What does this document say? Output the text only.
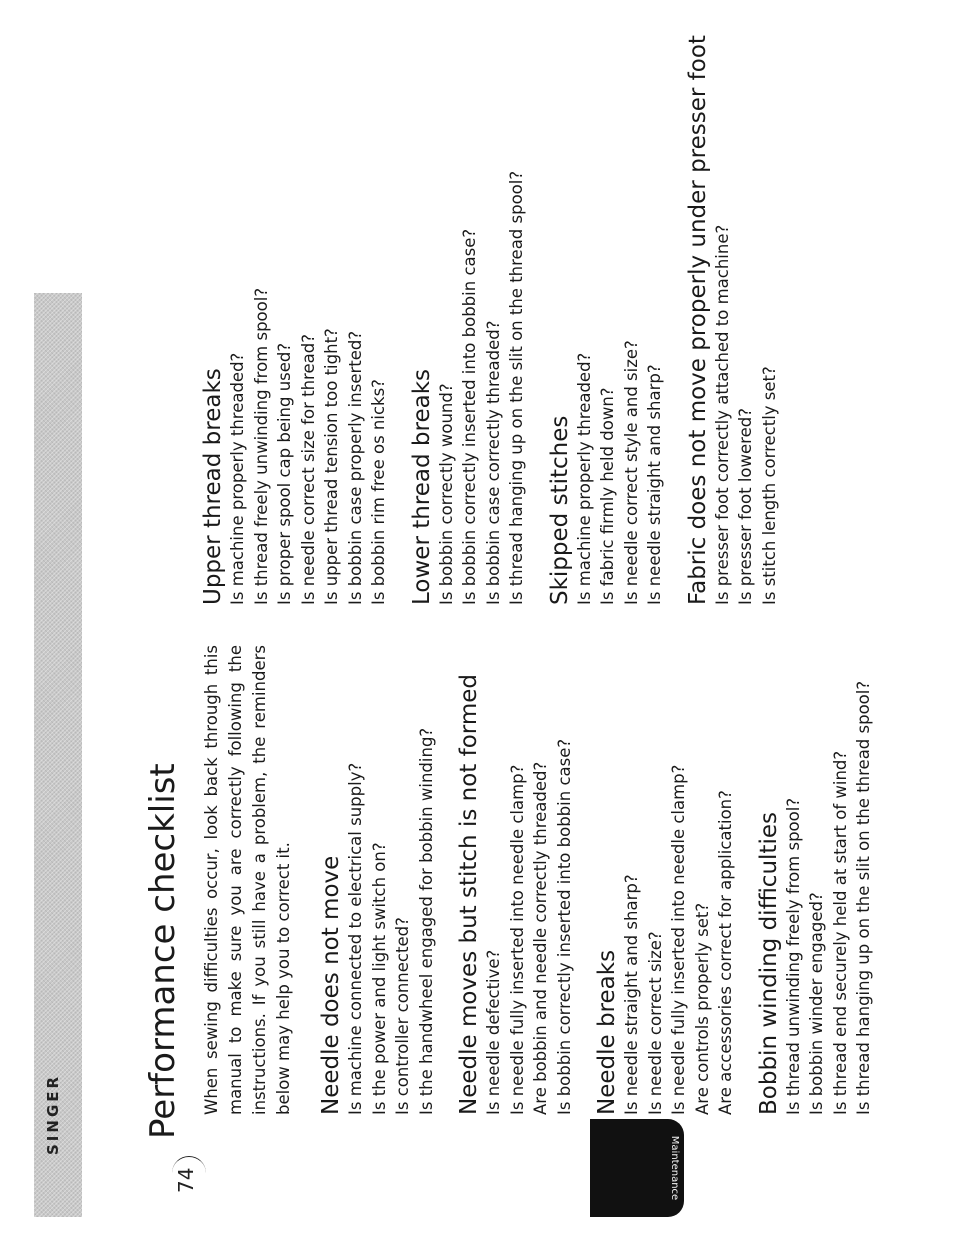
SINGER
Maintenance
74
Performance checklist When sewing difficulties occur, look back through this manual to make sure you are correctly following the instructions. If you still have a problem, the reminders below may help you to correct it. Needle does not move Is machine connected to electrical supply? Is the power and light switch on? Is controller connected? Is the handwheel engaged for bobbin winding? Needle moves but stitch is not formed Is needle defective? Is needle fully inserted into needle clamp? Are bobbin and needle correctly threaded? Is bobbin correctly inserted into bobbin case? Needle breaks Is needle straight and sharp? Is needle correct size? Is needle fully inserted into needle clamp? Are controls properly set? Are accessories correct for application? Bobbin winding difficulties Is thread unwinding freely from spool? Is bobbin winder engaged? Is thread end securely held at start of wind? Is thread hanging up on the slit on the thread spool?
Upper thread breaks Is machine properly threaded? Is thread freely unwinding from spool? Is proper spool cap being used? Is needle correct size for thread? Is upper thread tension too tight? Is bobbin case properly inserted? Is bobbin rim free os nicks? Lower thread breaks Is bobbin correctly wound? Is bobbin correctly inserted into bobbin case? Is bobbin case correctly threaded? Is thread hanging up on the slit on the thread spool? Skipped stitches Is machine properly threaded? Is fabric firmly held down? Is needle correct style and size? Is needle straight and sharp? Fabric does not move properly under presser foot Is presser foot correctly attached to machine? Is presser foot lowered? Is stitch length correctly set?
